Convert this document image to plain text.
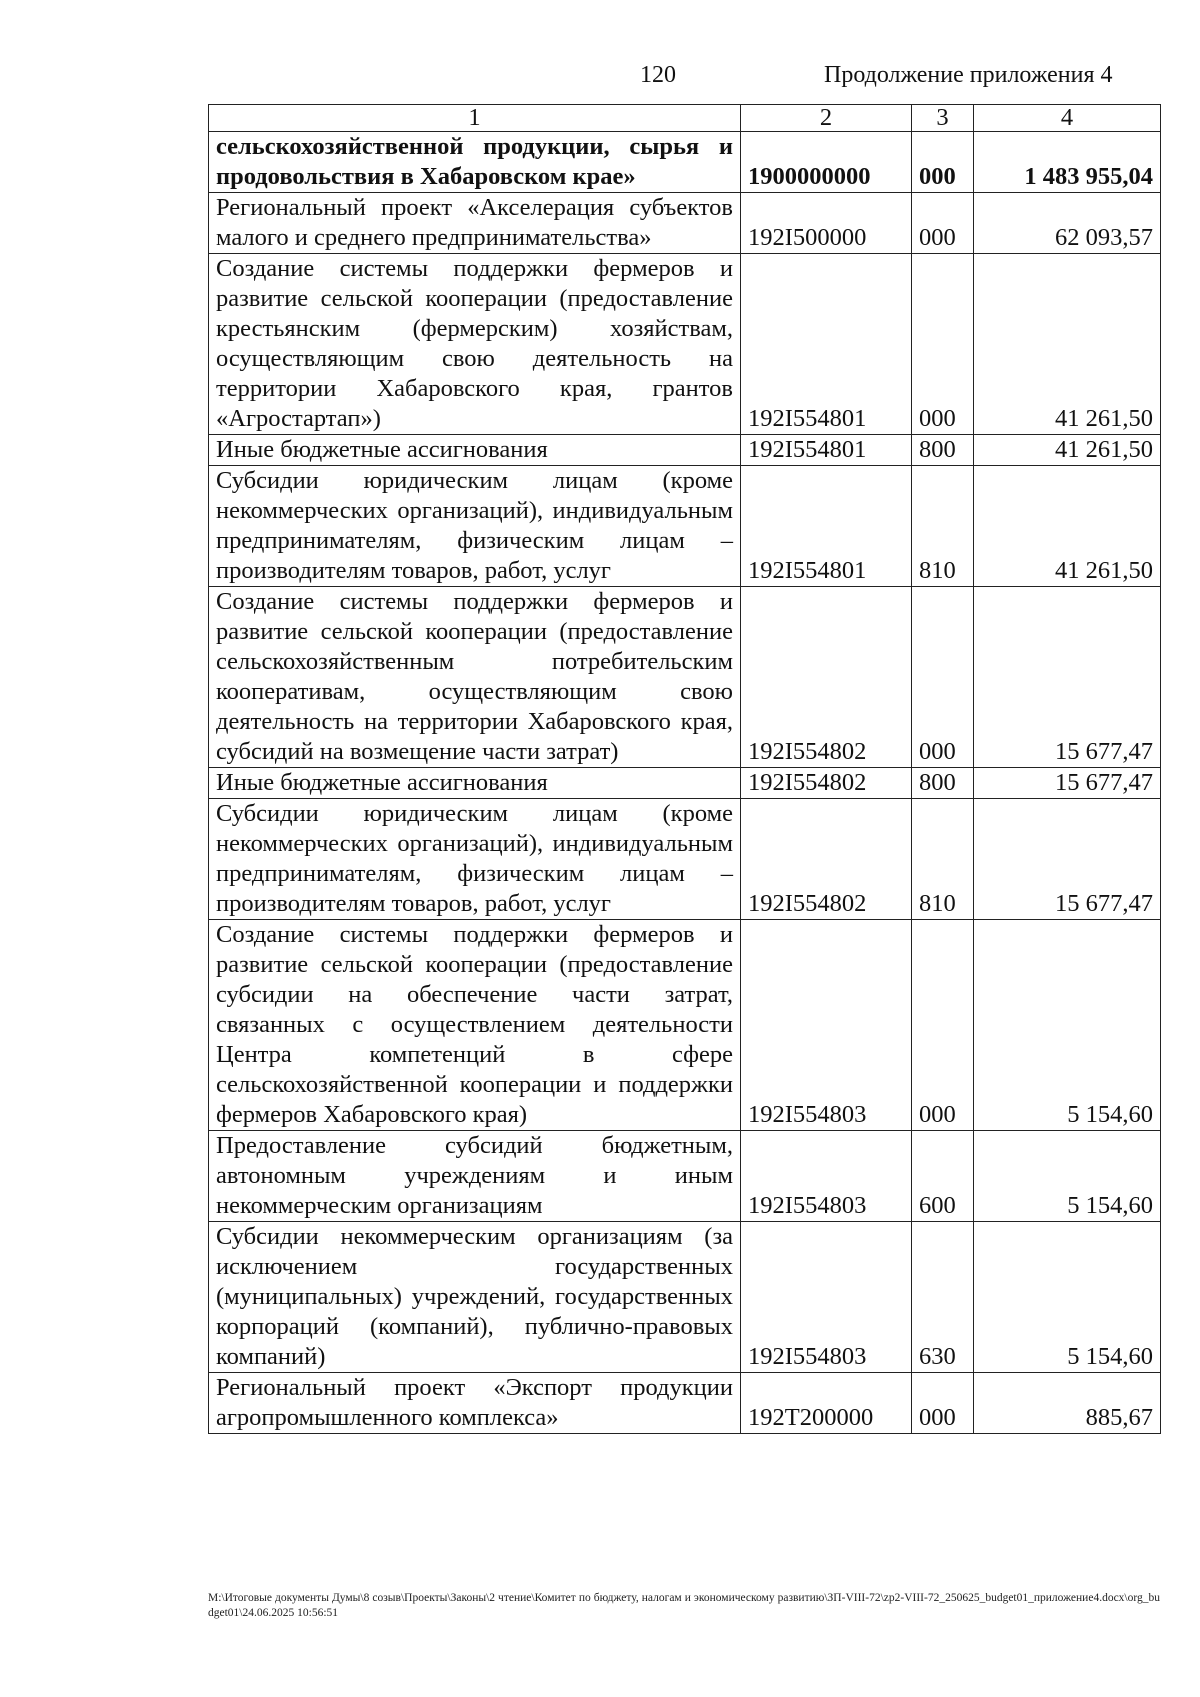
120	Продолжение приложения 4
1	2	3	4
сельскохозяйственной продукции, сырья и продовольствия в Хабаровском крае»	1900000000	000	1 483 955,04
Региональный проект «Акселерация субъектов малого и среднего предпринимательства»	192I500000	000	62 093,57
Создание системы поддержки фермеров и развитие сельской кооперации (предоставление крестьянским (фермерским) хозяйствам, осуществляющим свою деятельность на территории Хабаровского края, грантов «Агростартап»)	192I554801	000	41 261,50
Иные бюджетные ассигнования	192I554801	800	41 261,50
Субсидии юридическим лицам (кроме некоммерческих организаций), индивидуальным предпринимателям, физическим лицам – производителям товаров, работ, услуг	192I554801	810	41 261,50
Создание системы поддержки фермеров и развитие сельской кооперации (предоставление сельскохозяйственным потребительским кооперативам, осуществляющим свою деятельность на территории Хабаровского края, субсидий на возмещение части затрат)	192I554802	000	15 677,47
Иные бюджетные ассигнования	192I554802	800	15 677,47
Субсидии юридическим лицам (кроме некоммерческих организаций), индивидуальным предпринимателям, физическим лицам – производителям товаров, работ, услуг	192I554802	810	15 677,47
Создание системы поддержки фермеров и развитие сельской кооперации (предоставление субсидии на обеспечение части затрат, связанных с осуществлением деятельности Центра компетенций в сфере сельскохозяйственной кооперации и поддержки фермеров Хабаровского края)	192I554803	000	5 154,60
Предоставление субсидий бюджетным, автономным учреждениям и иным некоммерческим организациям	192I554803	600	5 154,60
Субсидии некоммерческим организациям (за исключением государственных (муниципальных) учреждений, государственных корпораций (компаний), публично-правовых компаний)	192I554803	630	5 154,60
Региональный проект «Экспорт продукции агропромышленного комплекса»	192T200000	000	885,67
M:\Итоговые документы Думы\8 созыв\Проекты\Законы\2 чтение\Комитет по бюджету, налогам и экономическому развитию\ЗП-VIII-72\zp2-VIII-72_250625_budget01_приложение4.docx\org_budget01\24.06.2025 10:56:51
